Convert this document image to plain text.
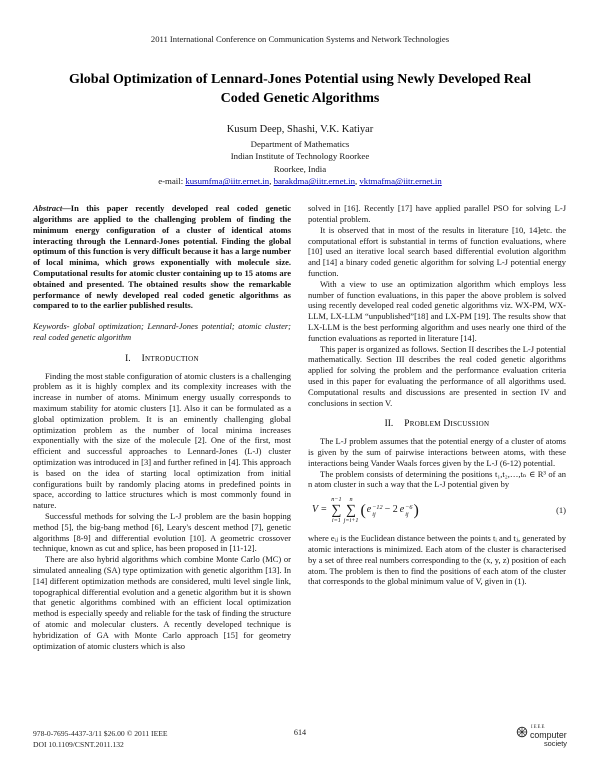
2011 International Conference on Communication Systems and Network Technologies
Global Optimization of Lennard-Jones Potential using Newly Developed Real Coded Genetic Algorithms
Kusum Deep, Shashi, V.K. Katiyar
Department of Mathematics
Indian Institute of Technology Roorkee
Roorkee, India
e-mail: kusumfma@iitr.ernet.in, barakdma@iitr.ernet.in, vktmafma@iitr.ernet.in

Abstract—In this paper recently developed real coded genetic algorithms are applied to the challenging problem of finding the minimum energy configuration of a cluster of identical atoms interacting through the Lennard-Jones potential. Finding the global optimum of this function is very difficult because it has a large number of local minima, which grows exponentially with molecule size. Computational results for atomic cluster containing up to 15 atoms are obtained and presented. The obtained results show the remarkable performance of newly developed real coded genetic algorithms as compared to to the earlier published results.

Keywords- global optimization; Lennard-Jones potential; atomic cluster; real coded genetic algorithm

I. Introduction

Finding the most stable configuration of atomic clusters is a challenging problem as it is highly complex and its complexity increases with the increase in number of atoms. Minimum energy usually corresponds to maximum stability for atomic clusters [1]. Also it can be formulated as a global optimization problem. It is an eminently challenging global optimization problem as the number of local minima increases exponentially with the size of the molecule [2]. One of the first, most efficient and successful approaches to Lennard-Jones (L-J) cluster optimization was introduced in [3] and further refined in [4]. This approach is based on the idea of starting local optimization from initial configurations built by randomly placing atoms in predefined points in space, according to lattice structures which is most commonly found in nature.

Successful methods for solving the L-J problem are the basin hopping method [5], the big-bang method [6], Leary's descent method [7], genetic algorithms [8-9] and differential evolution [10]. A geometric crossover technique, known as cut and splice, has been proposed in [11-12].

There are also hybrid algorithms which combine Monte Carlo (MC) or simulated annealing (SA) type optimization with genetic algorithm [13]. In [14] different optimization methods are considered, multi level single link, topographical differential evolution and a genetic algorithm but it is shown that genetic algorithms combined with an efficient local optimization method is especially speedy and reliable for the task of finding the structure of atomic and molecular clusters. A recently developed technique is hybridization of GA with Monte Carlo approach [15] for geometry optimization of atomic clusters which is also

solved in [16]. Recently [17] have applied parallel PSO for solving L-J potential problem.

It is observed that in most of the results in literature [10, 14]etc. the computational effort is substantial in terms of function evaluations, where [10] used an iterative local search based differential evolution algorithm and [14] a binary coded genetic algorithm for solving L-J potential energy function.

With a view to use an optimization algorithm which employs less number of function evaluations, in this paper the above problem is solved using recently developed real coded genetic algorithms viz. WX-PM, WX-LLM, LX-LLM “unpublished”[18] and LX-PM [19]. The results show that LX-LLM is the best performing algorithm and uses nearly one third of the function evaluations as reported in literature [14].

This paper is organized as follows. Section II describes the L-J potential mathematically. Section III describes the real coded genetic algorithms applied for solving the problem and the performance evaluation criteria used in this paper for evaluating the performance of all algorithms used. Computational results and discussions are presented in section IV and conclusions in section V.

II. Problem Discussion

The L-J problem assumes that the potential energy of a cluster of atoms is given by the sum of pairwise interactions between atoms, with these interactions being Vander Waals forces given by the L-J (6-12) potential.

The problem consists of determining the positions t₁,t₂,…,tₙ ∈ R³ of an n atom cluster in such a way that the L-J potential given by

V =
n−1
∑
i=1
n
∑
j=i+1
( e −12
ij − 2 e −6
ij )	(1)

where eᵢⱼ is the Euclidean distance between the points tᵢ and tⱼ, generated by atomic interactions is minimized. Each atom of the cluster is characterised by a set of three real numbers corresponding to the (x, y, z) position of each atom. The problem is then to find the positions of each atom of the cluster that corresponds to the global minimum value of V, given in (1).

978-0-7695-4437-3/11 $26.00 © 2011 IEEE
DOI 10.1109/CSNT.2011.132
614
IEEE
computer
society
